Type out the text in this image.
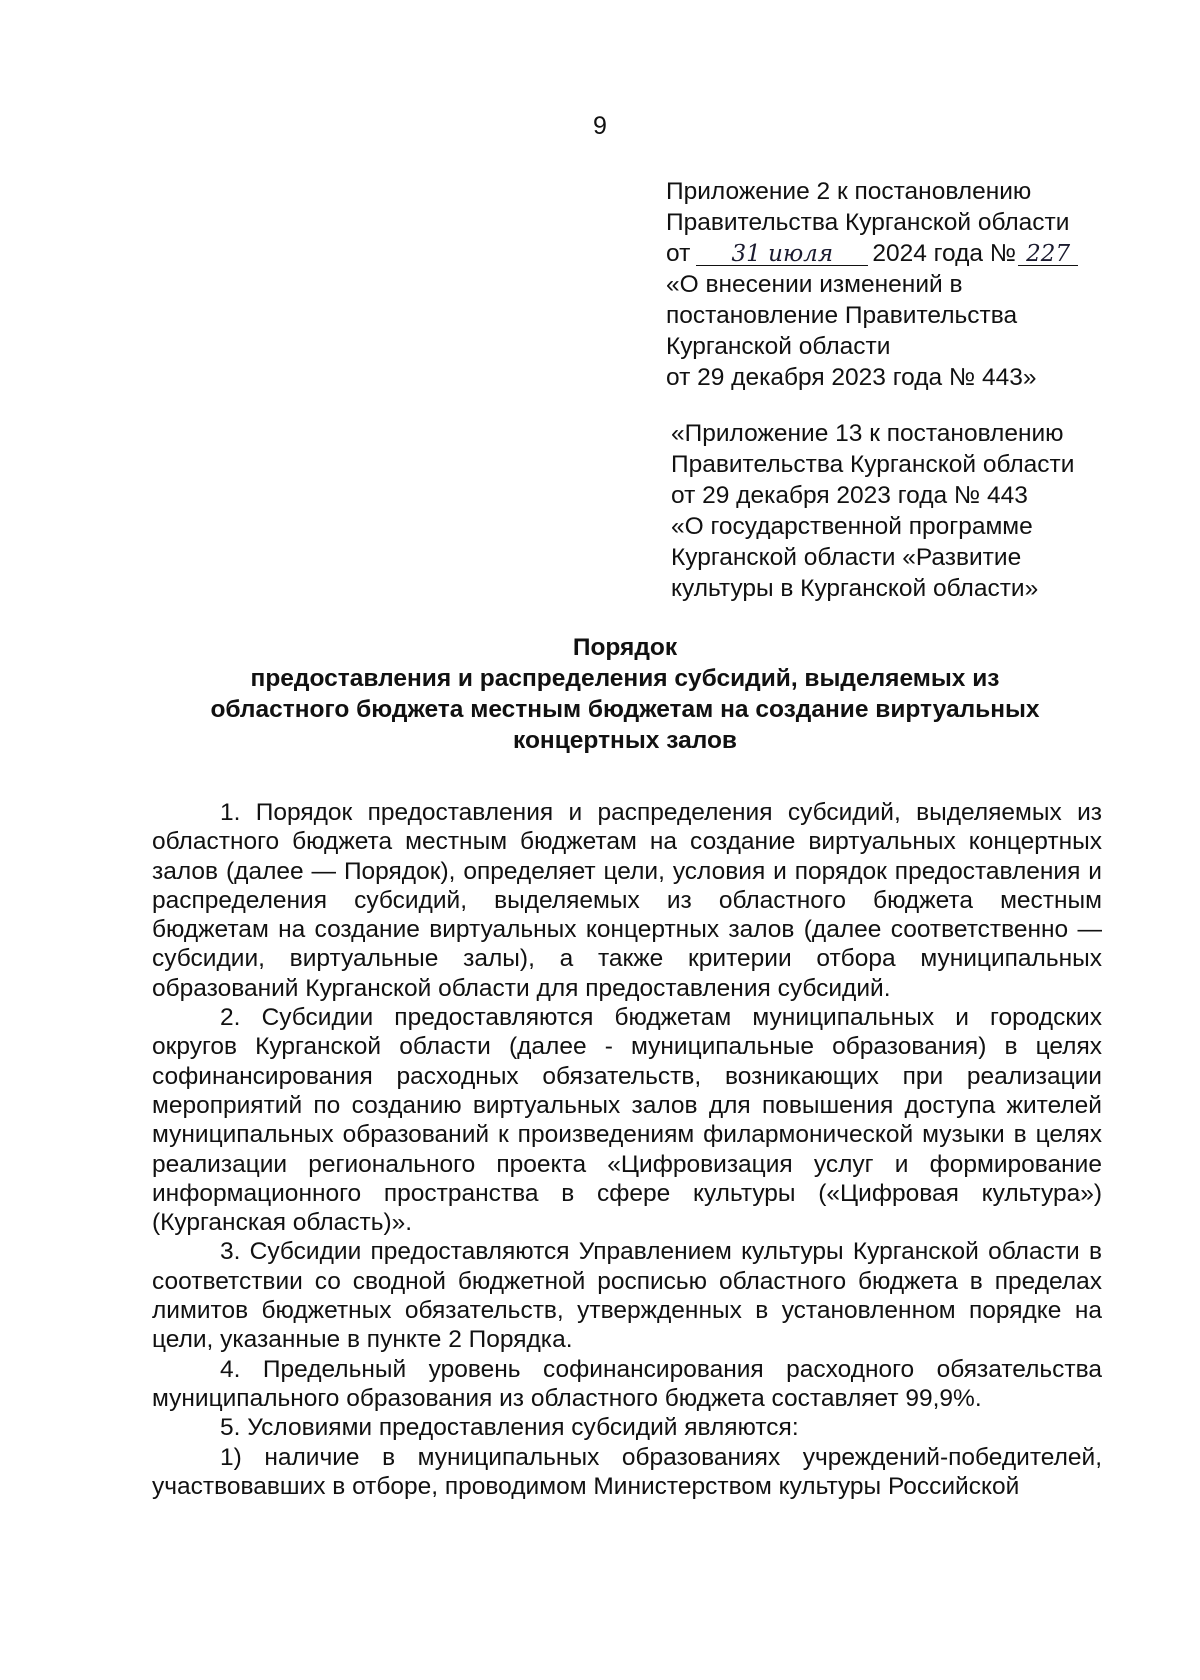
9

Приложение 2 к постановлению

Правительства Курганской области

от 31 июля 2024 года № 227

«О внесении изменений в

постановление Правительства

Курганской области

от 29 декабря 2023 года № 443»

«Приложение 13 к постановлению

Правительства Курганской области

от 29 декабря 2023 года № 443

«О государственной программе

Курганской области «Развитие

культуры в Курганской области»

Порядок

предоставления и распределения субсидий, выделяемых из

областного бюджета местным бюджетам на создание виртуальных

концертных залов

1. Порядок предоставления и распределения субсидий, выделяемых из областного бюджета местным бюджетам на создание виртуальных концертных залов (далее — Порядок), определяет цели, условия и порядок предоставления и распределения субсидий, выделяемых из областного бюджета местным бюджетам на создание виртуальных концертных залов (далее соответственно — субсидии, виртуальные залы), а также критерии отбора муниципальных образований Курганской области для предоставления субсидий.

2. Субсидии предоставляются бюджетам муниципальных и городских округов Курганской области (далее - муниципальные образования) в целях софинансирования расходных обязательств, возникающих при реализации мероприятий по созданию виртуальных залов для повышения доступа жителей муниципальных образований к произведениям филармонической музыки в целях реализации регионального проекта «Цифровизация услуг и формирование информационного пространства в сфере культуры («Цифровая культура») (Курганская область)».

3. Субсидии предоставляются Управлением культуры Курганской области в соответствии со сводной бюджетной росписью областного бюджета в пределах лимитов бюджетных обязательств, утвержденных в установленном порядке на цели, указанные в пункте 2 Порядка.

4. Предельный уровень софинансирования расходного обязательства муниципального образования из областного бюджета составляет 99,9%.

5. Условиями предоставления субсидий являются:

1) наличие в муниципальных образованиях учреждений-победителей, участвовавших в отборе, проводимом Министерством культуры Российской
